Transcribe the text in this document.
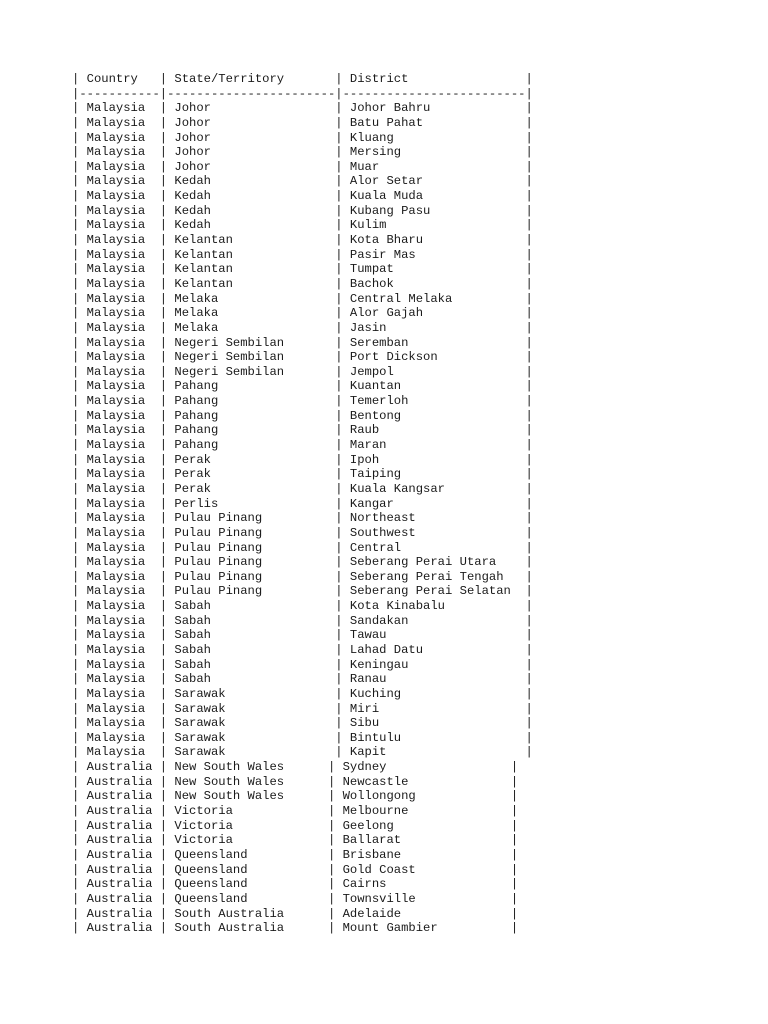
| Country   | State/Territory       | District                |
|-----------|-----------------------|-------------------------|
| Malaysia  | Johor                 | Johor Bahru             |
| Malaysia  | Johor                 | Batu Pahat              |
| Malaysia  | Johor                 | Kluang                  |
| Malaysia  | Johor                 | Mersing                 |
| Malaysia  | Johor                 | Muar                    |
| Malaysia  | Kedah                 | Alor Setar              |
| Malaysia  | Kedah                 | Kuala Muda              |
| Malaysia  | Kedah                 | Kubang Pasu             |
| Malaysia  | Kedah                 | Kulim                   |
| Malaysia  | Kelantan              | Kota Bharu              |
| Malaysia  | Kelantan              | Pasir Mas               |
| Malaysia  | Kelantan              | Tumpat                  |
| Malaysia  | Kelantan              | Bachok                  |
| Malaysia  | Melaka                | Central Melaka          |
| Malaysia  | Melaka                | Alor Gajah              |
| Malaysia  | Melaka                | Jasin                   |
| Malaysia  | Negeri Sembilan       | Seremban                |
| Malaysia  | Negeri Sembilan       | Port Dickson            |
| Malaysia  | Negeri Sembilan       | Jempol                  |
| Malaysia  | Pahang                | Kuantan                 |
| Malaysia  | Pahang                | Temerloh                |
| Malaysia  | Pahang                | Bentong                 |
| Malaysia  | Pahang                | Raub                    |
| Malaysia  | Pahang                | Maran                   |
| Malaysia  | Perak                 | Ipoh                    |
| Malaysia  | Perak                 | Taiping                 |
| Malaysia  | Perak                 | Kuala Kangsar           |
| Malaysia  | Perlis                | Kangar                  |
| Malaysia  | Pulau Pinang          | Northeast               |
| Malaysia  | Pulau Pinang          | Southwest               |
| Malaysia  | Pulau Pinang          | Central                 |
| Malaysia  | Pulau Pinang          | Seberang Perai Utara    |
| Malaysia  | Pulau Pinang          | Seberang Perai Tengah   |
| Malaysia  | Pulau Pinang          | Seberang Perai Selatan  |
| Malaysia  | Sabah                 | Kota Kinabalu           |
| Malaysia  | Sabah                 | Sandakan                |
| Malaysia  | Sabah                 | Tawau                   |
| Malaysia  | Sabah                 | Lahad Datu              |
| Malaysia  | Sabah                 | Keningau                |
| Malaysia  | Sabah                 | Ranau                   |
| Malaysia  | Sarawak               | Kuching                 |
| Malaysia  | Sarawak               | Miri                    |
| Malaysia  | Sarawak               | Sibu                    |
| Malaysia  | Sarawak               | Bintulu                 |
| Malaysia  | Sarawak               | Kapit                   |
| Australia | New South Wales      | Sydney                 |
| Australia | New South Wales      | Newcastle              |
| Australia | New South Wales      | Wollongong             |
| Australia | Victoria             | Melbourne              |
| Australia | Victoria             | Geelong                |
| Australia | Victoria             | Ballarat               |
| Australia | Queensland           | Brisbane               |
| Australia | Queensland           | Gold Coast             |
| Australia | Queensland           | Cairns                 |
| Australia | Queensland           | Townsville             |
| Australia | South Australia      | Adelaide               |
| Australia | South Australia      | Mount Gambier          |
